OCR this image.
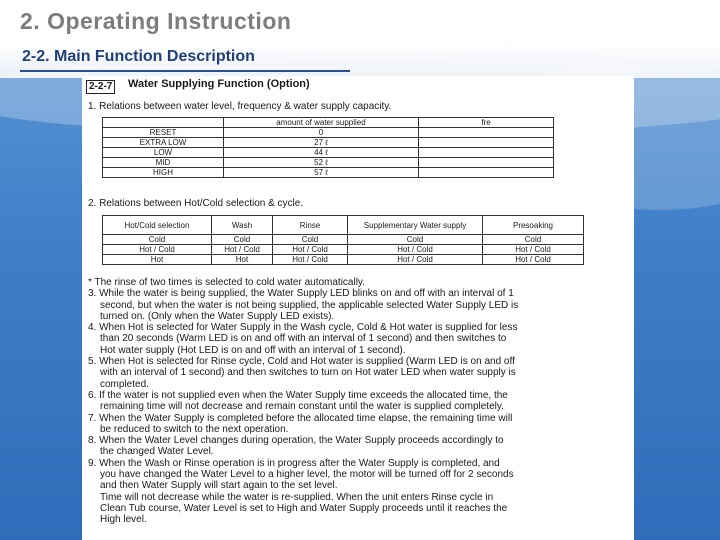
2. Operating Instruction
2-2. Main Function Description
2-2-7 Water Supplying Function (Option)
1. Relations between water level, frequency & water supply capacity.
	amount of water supplied	fre
RESET	0	
EXTRA LOW	27 ℓ	
LOW	44 ℓ	
MID	52 ℓ	
HIGH	57 ℓ	
2. Relations between Hot/Cold selection & cycle.
Hot/Cold selection	Wash	Rinse	Supplementary Water supply	Presoaking
Cold	Cold	Cold	Cold	Cold
Hot / Cold	Hot / Cold	Hot / Cold	Hot / Cold	Hot / Cold
Hot	Hot	Hot / Cold	Hot / Cold	Hot / Cold

* The rinse of two times is selected to cold water automatically.

3. While the water is being supplied, the Water Supply LED blinks on and off with an interval of 1

second, but when the water is not being supplied, the applicable selected Water Supply LED is

turned on. (Only when the Water Supply LED exists).

4. When Hot is selected for Water Supply in the Wash cycle, Cold & Hot water is supplied for less

than 20 seconds (Warm LED is on and off with an interval of 1 second) and then switches to

Hot water supply (Hot LED is on and off with an interval of 1 second).

5. When Hot is selected for Rinse cycle, Cold and Hot water is supplied (Warm LED is on and off

with an interval of 1 second) and then switches to turn on Hot water LED when water supply is

completed.

6. If the water is not supplied even when the Water Supply time exceeds the allocated time, the

remaining time will not decrease and remain constant until the water is supplied completely.

7. When the Water Supply is completed before the allocated time elapse, the remaining time will

be reduced to switch to the next operation.

8. When the Water Level changes during operation, the Water Supply proceeds accordingly to

the changed Water Level.

9. When the Wash or Rinse operation is in progress after the Water Supply is completed, and

you have changed the Water Level to a higher level, the motor will be turned off for 2 seconds

and then Water Supply will start again to the set level.

Time will not decrease while the water is re-supplied. When the unit enters Rinse cycle in

Clean Tub course, Water Level is set to High and Water Supply proceeds until it reaches the

High level.
